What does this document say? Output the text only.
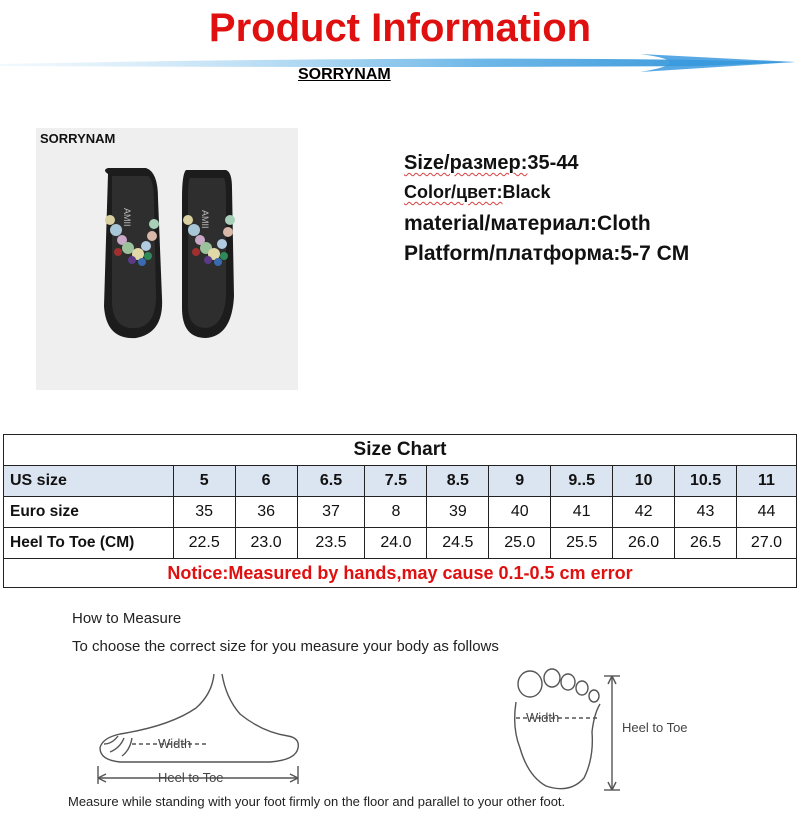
Product Information
SORRYNAM
AMII	AMII
SORRYNAM
Size/размер:35-44
Color/цвет:Black
material/материал:Cloth
Platform/платформа:5-7 CM
Size Chart										
US size	5	6	6.5	7.5	8.5	9	9..5	10	10.5	11
Euro size	35	36	37	8	39	40	41	42	43	44
Heel To Toe (CM)	22.5	23.0	23.5	24.0	24.5	25.0	25.5	26.0	26.5	27.0
Notice:Measured by hands,may cause 0.1-0.5 cm error										
How to Measure
To choose the correct size for you measure your body as follows
Width
Heel to Toe
Width
Heel to Toe
Measure while standing with your foot firmly on the floor and parallel to your other foot.
